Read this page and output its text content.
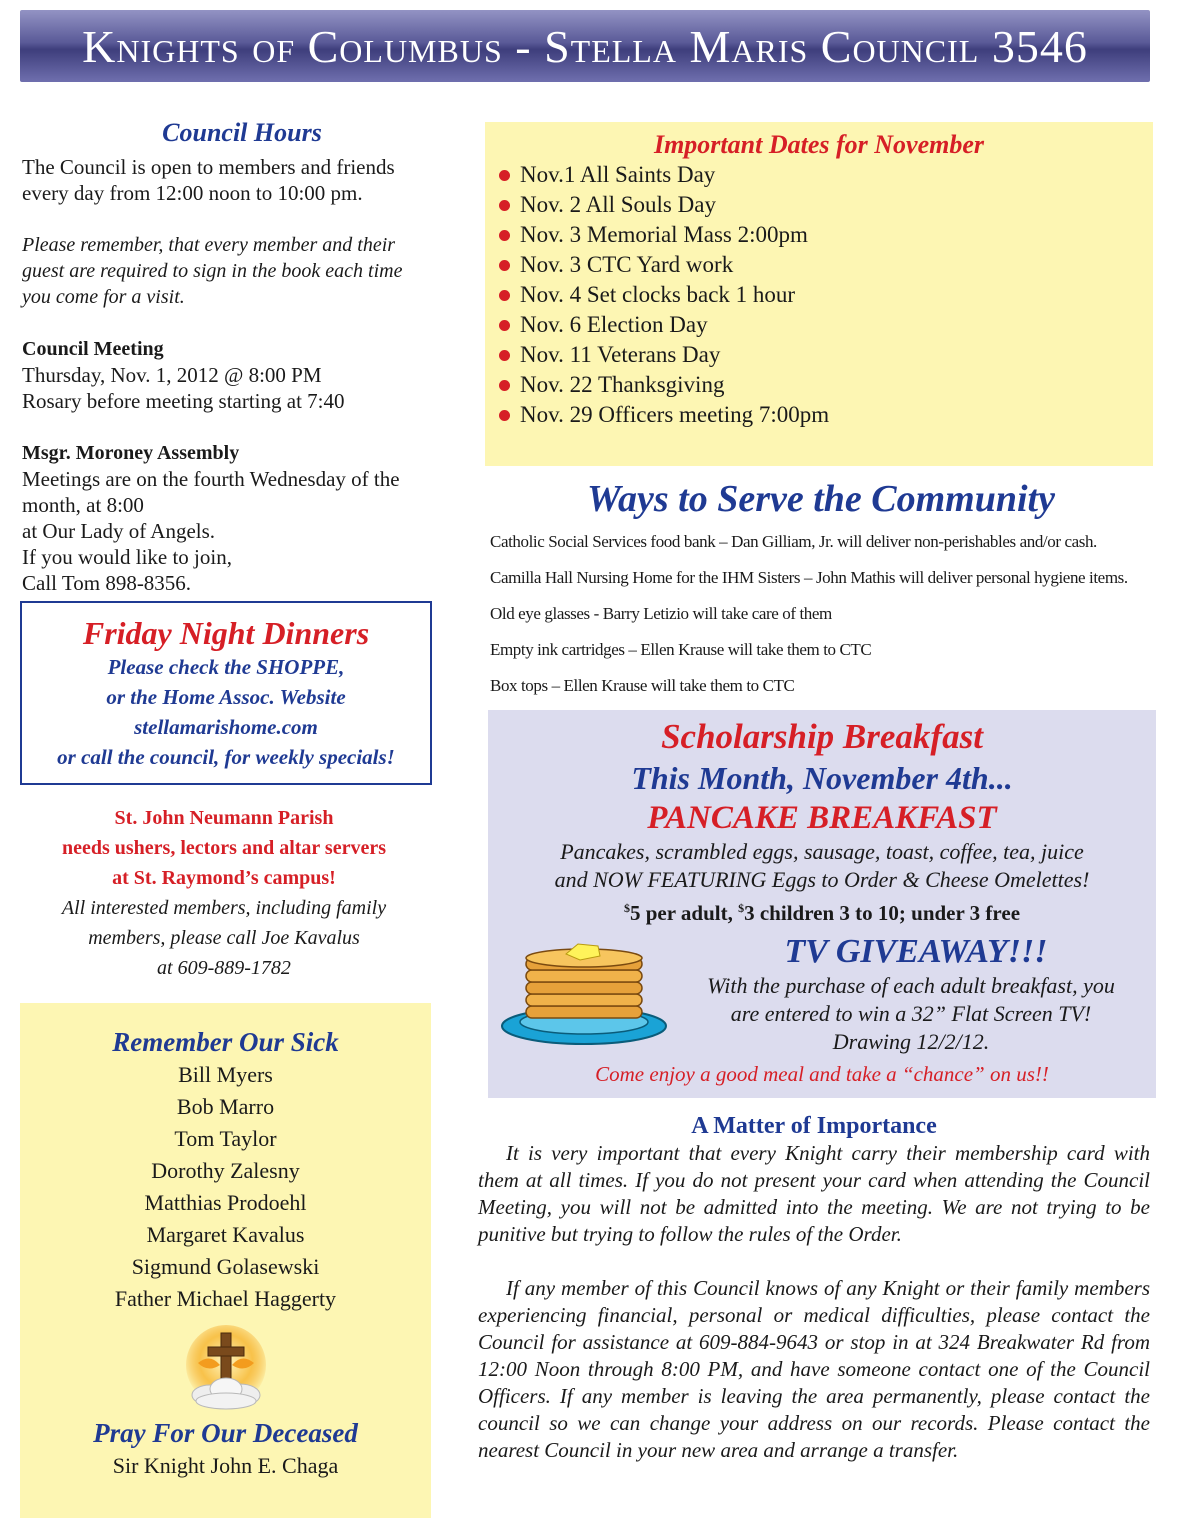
Knights of Columbus - Stella Maris Council 3546
Council Hours
The Council is open to members and friends
every day from 12:00 noon to 10:00 pm.
Please remember, that every member and their
guest are required to sign in the book each time
you come for a visit.
Council Meeting
Thursday, Nov. 1, 2012 @ 8:00 PM
Rosary before meeting starting at 7:40
Msgr. Moroney Assembly
Meetings are on the fourth Wednesday of the
month, at 8:00
at Our Lady of Angels.
If you would like to join,
Call Tom 898-8356.
Friday Night Dinners
Please check the SHOPPE,
or the Home Assoc. Website
stellamarishome.com
or call the council, for weekly specials!
St. John Neumann Parish
needs ushers, lectors and altar servers
at St. Raymond’s campus!
All interested members, including family
members, please call Joe Kavalus
at 609-889-1782
Remember Our Sick
Bill Myers
Bob Marro
Tom Taylor
Dorothy Zalesny
Matthias Prodoehl
Margaret Kavalus
Sigmund Golasewski
Father Michael Haggerty
Pray For Our Deceased
Sir Knight John E. Chaga
Important Dates for November
Nov.1 All Saints Day
Nov. 2 All Souls Day
Nov. 3 Memorial Mass 2:00pm
Nov. 3 CTC Yard work
Nov. 4 Set clocks back 1 hour
Nov. 6 Election Day
Nov. 11 Veterans Day
Nov. 22 Thanksgiving
Nov. 29 Officers meeting 7:00pm
Ways to Serve the Community
Catholic Social Services food bank – Dan Gilliam, Jr. will deliver non-perishables and/or cash.
Camilla Hall Nursing Home for the IHM Sisters – John Mathis will deliver personal hygiene items.
Old eye glasses - Barry Letizio will take care of them
Empty ink cartridges – Ellen Krause will take them to CTC
Box tops – Ellen Krause will take them to CTC
Scholarship Breakfast
This Month, November 4th...
PANCAKE BREAKFAST
Pancakes, scrambled eggs, sausage, toast, coffee, tea, juice
and NOW FEATURING Eggs to Order & Cheese Omelettes!
$5 per adult, $3 children 3 to 10; under 3 free
TV GIVEAWAY!!!
With the purchase of each adult breakfast, you
are entered to win a 32” Flat Screen TV!
Drawing 12/2/12.
Come enjoy a good meal and take a “chance” on us!!
A Matter of Importance

It is very important that every Knight carry their membership card with them at all times. If you do not present your card when attending the Council Meeting, you will not be admitted into the meeting. We are not trying to be punitive but trying to follow the rules of the Order.

If any member of this Council knows of any Knight or their family members experiencing financial, personal or medical difficulties, please contact the Council for assistance at 609-884-9643 or stop in at 324 Breakwater Rd from 12:00 Noon through 8:00 PM, and have someone contact one of the Council Officers. If any member is leaving the area permanently, please contact the council so we can change your address on our records. Please contact the nearest Council in your new area and arrange a transfer.
